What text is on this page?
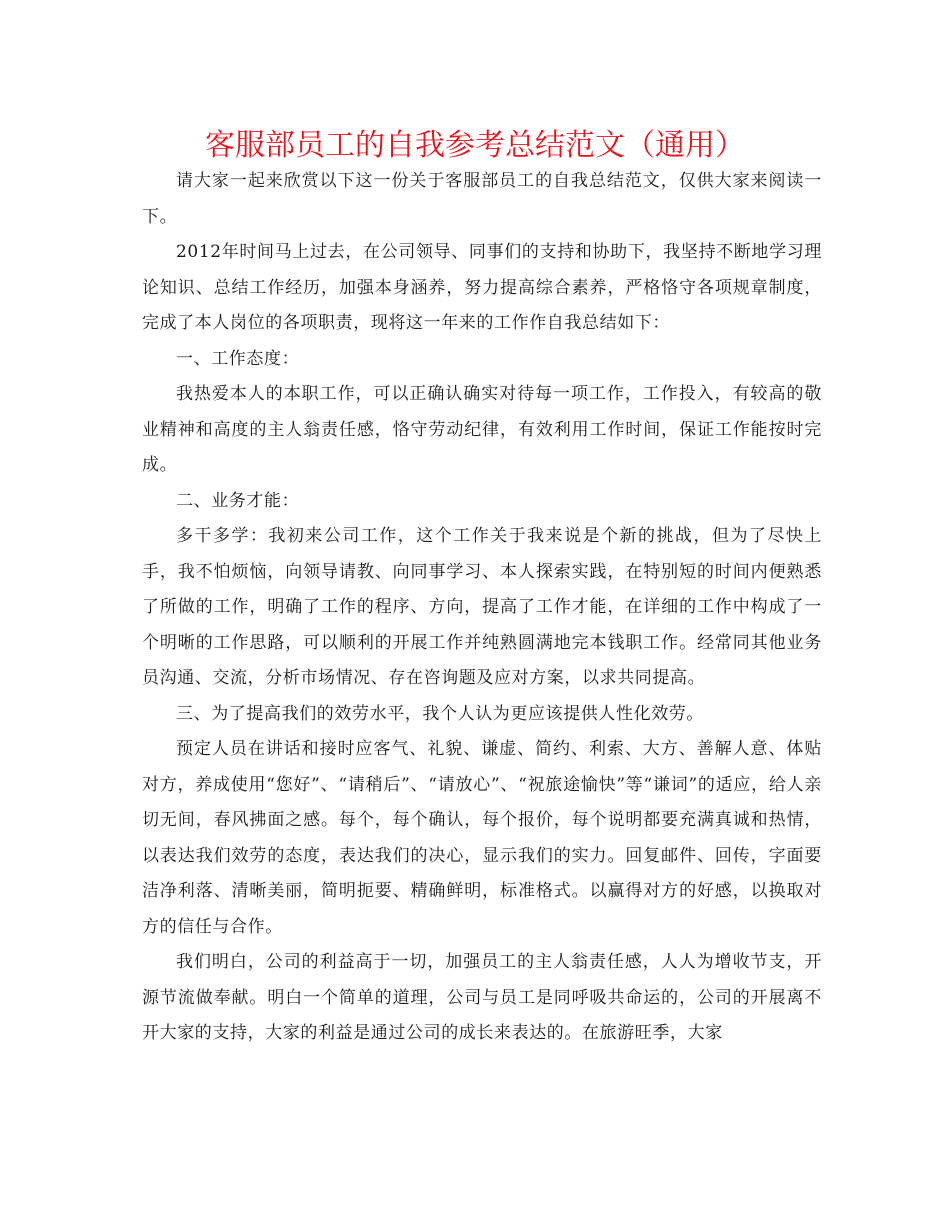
客服部员工的自我参考总结范文（通用）

请大家一起来欣赏以下这一份关于客服部员工的自我总结范文，仅供大家来阅读一下。

2012年时间马上过去，在公司领导、同事们的支持和协助下，我坚持不断地学习理论知识、总结工作经历，加强本身涵养，努力提高综合素养，严格恪守各项规章制度，完成了本人岗位的各项职责，现将这一年来的工作作自我总结如下：

一、工作态度：

我热爱本人的本职工作，可以正确认确实对待每一项工作，工作投入，有较高的敬业精神和高度的主人翁责任感，恪守劳动纪律，有效利用工作时间，保证工作能按时完成。

二、业务才能：

多干多学：我初来公司工作，这个工作关于我来说是个新的挑战，但为了尽快上手，我不怕烦恼，向领导请教、向同事学习、本人探索实践，在特别短的时间内便熟悉了所做的工作，明确了工作的程序、方向，提高了工作才能，在详细的工作中构成了一个明晰的工作思路，可以顺利的开展工作并纯熟圆满地完本钱职工作。经常同其他业务员沟通、交流，分析市场情况、存在咨询题及应对方案，以求共同提高。

三、为了提高我们的效劳水平，我个人认为更应该提供人性化效劳。

预定人员在讲话和接时应客气、礼貌、谦虚、简约、利索、大方、善解人意、体贴对方，养成使用“您好”、“请稍后”、“请放心”、“祝旅途愉快”等“谦词”的适应，给人亲切无间，春风拂面之感。每个，每个确认，每个报价，每个说明都要充满真诚和热情，以表达我们效劳的态度，表达我们的决心，显示我们的实力。回复邮件、回传，字面要洁净利落、清晰美丽，简明扼要、精确鲜明，标准格式。以赢得对方的好感，以换取对方的信任与合作。

我们明白，公司的利益高于一切，加强员工的主人翁责任感，人人为增收节支，开源节流做奉献。明白一个简单的道理，公司与员工是同呼吸共命运的，公司的开展离不开大家的支持，大家的利益是通过公司的成长来表达的。在旅游旺季，大家
